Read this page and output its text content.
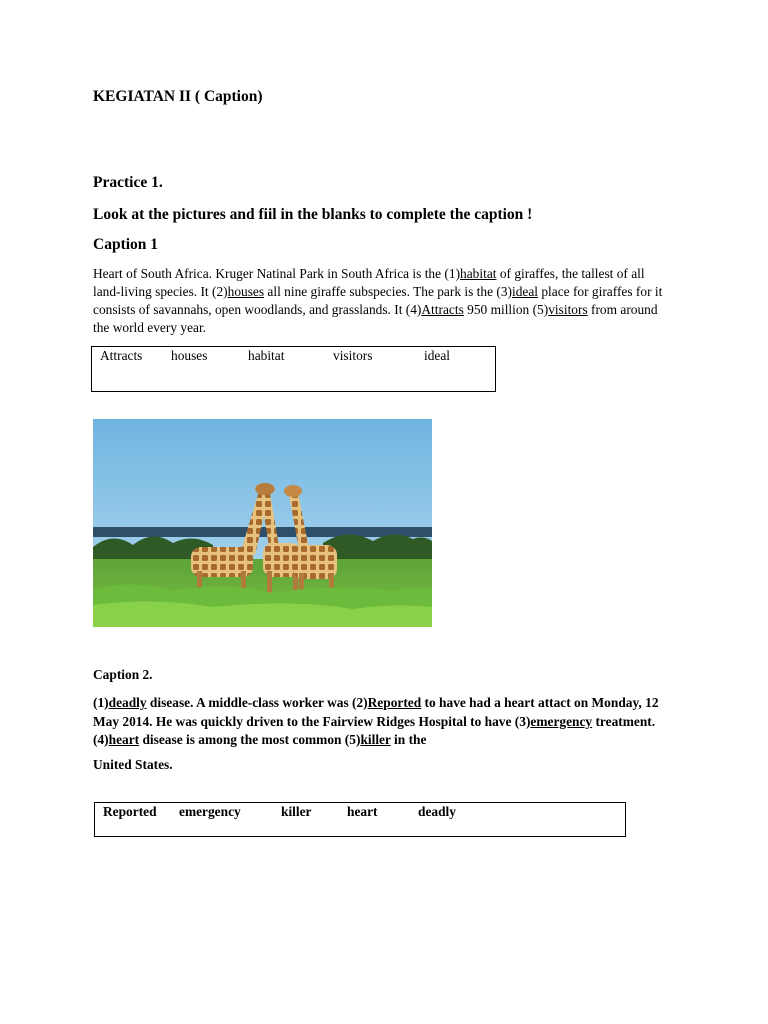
KEGIATAN II ( Caption)
Practice 1.
Look at the pictures and fiil in the blanks to complete the caption !
Caption 1
Heart of South Africa. Kruger Natinal Park in South Africa is the (1)habitat of giraffes, the tallest of all land-living species. It (2)houses all nine giraffe subspecies. The park is the (3)ideal place for giraffes for it consists of savannahs, open woodlands, and grasslands. It (4)Attracts 950 million (5)visitors from around the world every year.
Attracts houses	habitat	visitors	ideal
Caption 2.
(1)deadly disease. A middle-class worker was (2)Reported to have had a heart attact on Monday, 12 May 2014. He was quickly driven to the Fairview Ridges Hospital to have (3)emergency treatment. (4)heart disease is among the most common (5)killer in the
United States.
Reported emergency	killer	heart	deadly
